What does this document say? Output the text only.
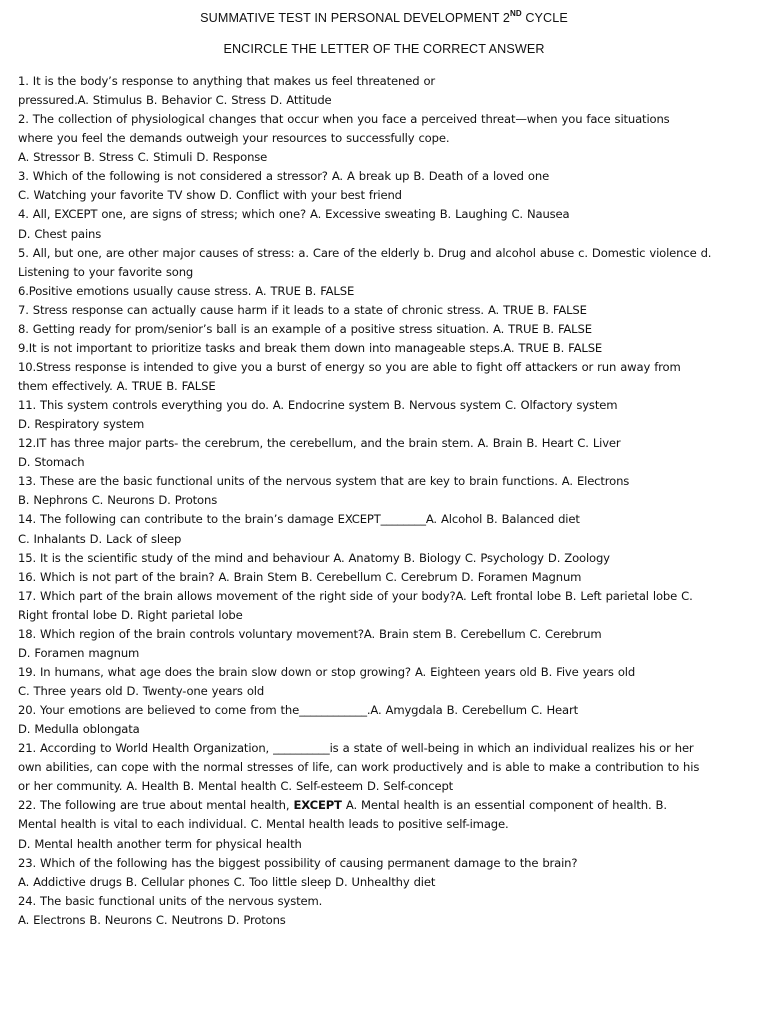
SUMMATIVE TEST IN PERSONAL DEVELOPMENT 2ND CYCLE
ENCIRCLE THE LETTER OF THE CORRECT ANSWER
1. It is the body’s response to anything that makes us feel threatened or
pressured.A. Stimulus B. Behavior C. Stress D. Attitude
2. The collection of physiological changes that occur when you face a perceived threat—when you face situations
where you feel the demands outweigh your resources to successfully cope.
A. Stressor B. Stress C. Stimuli D. Response
3. Which of the following is not considered a stressor? A. A break up B. Death of a loved one
C. Watching your favorite TV show D. Conflict with your best friend
4. All, EXCEPT one, are signs of stress; which one? A. Excessive sweating B. Laughing C. Nausea
D. Chest pains
5. All, but one, are other major causes of stress: a. Care of the elderly b. Drug and alcohol abuse c. Domestic violence d.
Listening to your favorite song
6.Positive emotions usually cause stress. A. TRUE B. FALSE
7. Stress response can actually cause harm if it leads to a state of chronic stress. A. TRUE B. FALSE
8. Getting ready for prom/senior’s ball is an example of a positive stress situation. A. TRUE B. FALSE
9.It is not important to prioritize tasks and break them down into manageable steps.A. TRUE B. FALSE
10.Stress response is intended to give you a burst of energy so you are able to fight off attackers or run away from
them effectively. A. TRUE B. FALSE
11. This system controls everything you do. A. Endocrine system B. Nervous system C. Olfactory system
D. Respiratory system
12.IT has three major parts- the cerebrum, the cerebellum, and the brain stem. A. Brain B. Heart C. Liver
D. Stomach
13. These are the basic functional units of the nervous system that are key to brain functions. A. Electrons
B. Nephrons C. Neurons D. Protons
14. The following can contribute to the brain’s damage EXCEPT________A. Alcohol B. Balanced diet
C. Inhalants D. Lack of sleep
15. It is the scientific study of the mind and behaviour A. Anatomy B. Biology C. Psychology D. Zoology
16. Which is not part of the brain? A. Brain Stem B. Cerebellum C. Cerebrum D. Foramen Magnum
17. Which part of the brain allows movement of the right side of your body?A. Left frontal lobe B. Left parietal lobe C.
Right frontal lobe D. Right parietal lobe
18. Which region of the brain controls voluntary movement?A. Brain stem B. Cerebellum C. Cerebrum
D. Foramen magnum
19. In humans, what age does the brain slow down or stop growing? A. Eighteen years old B. Five years old
C. Three years old D. Twenty-one years old
20. Your emotions are believed to come from the____________.A. Amygdala B. Cerebellum C. Heart
D. Medulla oblongata
21. According to World Health Organization, __________is a state of well-being in which an individual realizes his or her
own abilities, can cope with the normal stresses of life, can work productively and is able to make a contribution to his
or her community. A. Health B. Mental health C. Self-esteem D. Self-concept
22. The following are true about mental health, EXCEPT A. Mental health is an essential component of health. B.
Mental health is vital to each individual. C. Mental health leads to positive self-image.
D. Mental health another term for physical health
23. Which of the following has the biggest possibility of causing permanent damage to the brain?
A. Addictive drugs B. Cellular phones C. Too little sleep D. Unhealthy diet
24. The basic functional units of the nervous system.
A. Electrons B. Neurons C. Neutrons D. Protons
